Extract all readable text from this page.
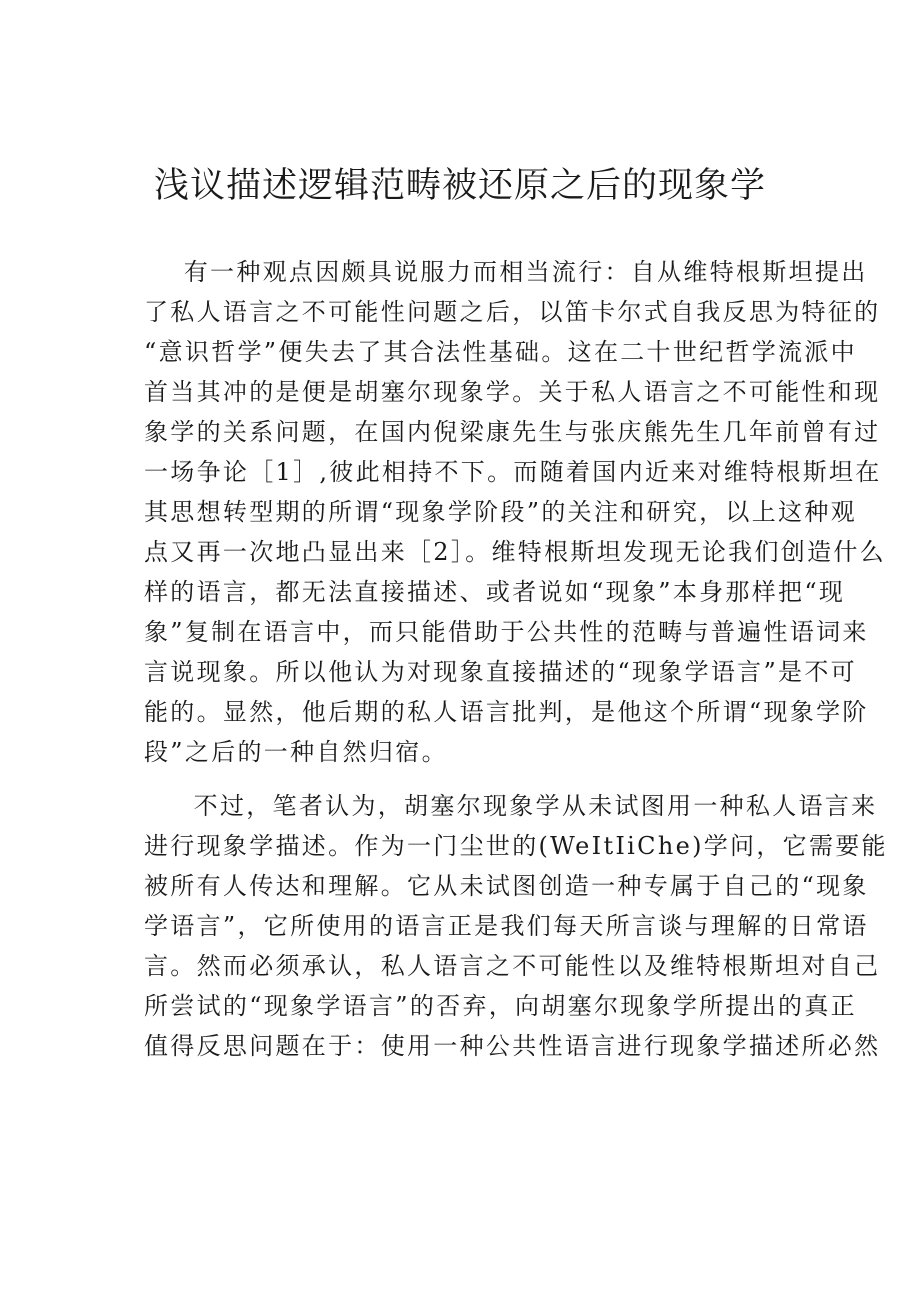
浅议描述逻辑范畴被还原之后的现象学
有一种观点因颇具说服力而相当流行：自从维特根斯坦提出
了私人语言之不可能性问题之后，以笛卡尔式自我反思为特征的
“意识哲学”便失去了其合法性基础。这在二十世纪哲学流派中
首当其冲的是便是胡塞尔现象学。关于私人语言之不可能性和现
象学的关系问题，在国内倪梁康先生与张庆熊先生几年前曾有过
一场争论［1］,彼此相持不下。而随着国内近来对维特根斯坦在
其思想转型期的所谓“现象学阶段”的关注和研究，以上这种观
点又再一次地凸显出来［2］。维特根斯坦发现无论我们创造什么
样的语言，都无法直接描述、或者说如“现象”本身那样把“现
象”复制在语言中，而只能借助于公共性的范畴与普遍性语词来
言说现象。所以他认为对现象直接描述的“现象学语言”是不可
能的。显然，他后期的私人语言批判，是他这个所谓“现象学阶
段”之后的一种自然归宿。
不过，笔者认为，胡塞尔现象学从未试图用一种私人语言来
进行现象学描述。作为一门尘世的(WeItIiChe)学问，它需要能
被所有人传达和理解。它从未试图创造一种专属于自己的“现象
学语言”，它所使用的语言正是我们每天所言谈与理解的日常语
言。然而必须承认，私人语言之不可能性以及维特根斯坦对自己
所尝试的“现象学语言”的否弃，向胡塞尔现象学所提出的真正
值得反思问题在于：使用一种公共性语言进行现象学描述所必然
